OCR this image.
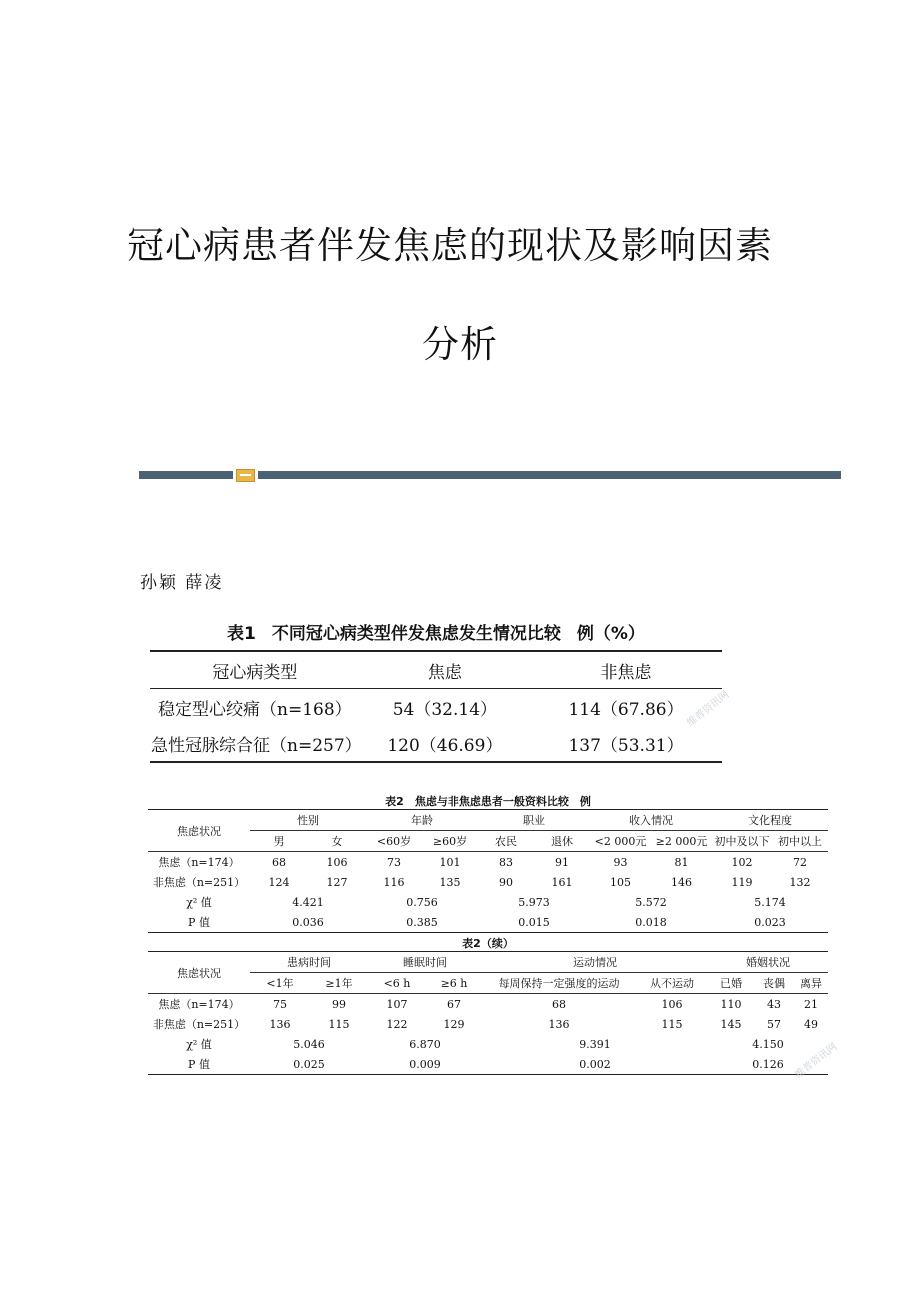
冠心病患者伴发焦虑的现状及影响因素
分析
孙颖 薛凌
表1 不同冠心病类型伴发焦虑发生情况比较 例（%）
冠心病类型	焦虑	非焦虑
稳定型心绞痛（n=168）	54（32.14）	114（67.86）
急性冠脉综合征（n=257）	120（46.69）	137（53.31）
维普资讯网
表2　焦虑与非焦虑患者一般资料比较　例
焦虑状况	性别		年龄		职业		收入情况		文化程度	
	男	女	<60岁	≥60岁	农民	退休	<2 000元	≥2 000元	初中及以下	初中以上
焦虑（n=174）	68	106	73	101	83	91	93	81	102	72
非焦虑（n=251）	124	127	116	135	90	161	105	146	119	132
χ² 值	4.421		0.756		5.973		5.572		5.174	
P 值	0.036		0.385		0.015		0.018		0.023	
表2（续）
焦虑状况	患病时间		睡眠时间		运动情况		婚姻状况		
	<1年	≥1年	<6 h	≥6 h	每周保持一定强度的运动	从不运动	已婚	丧偶	离异
焦虑（n=174）	75	99	107	67	68	106	110	43	21
非焦虑（n=251）	136	115	122	129	136	115	145	57	49
χ² 值	5.046		6.870		9.391		4.150		
P 值	0.025		0.009		0.002		0.126		维普资讯网
